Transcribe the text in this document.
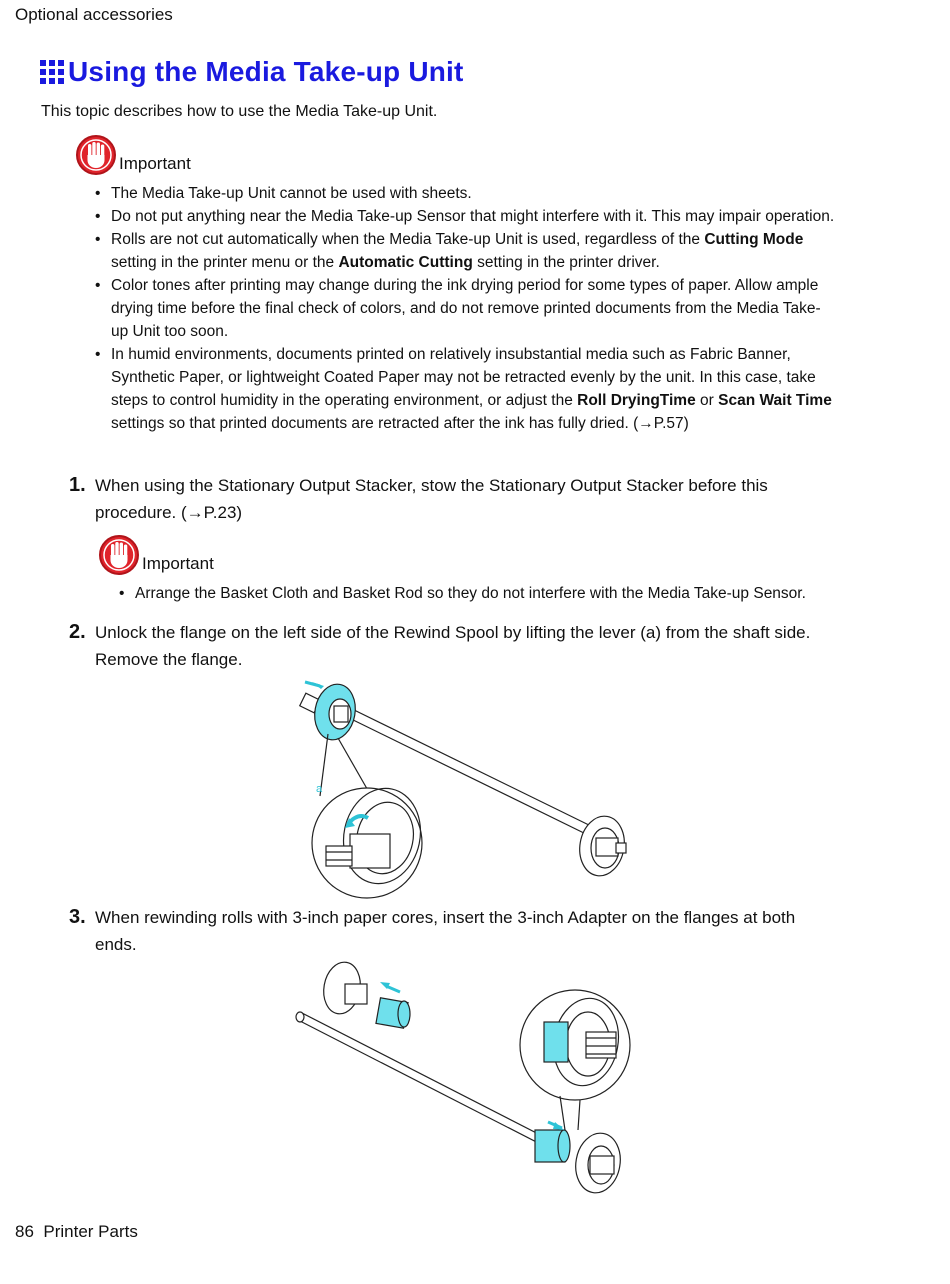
Optional accessories
Using the Media Take-up Unit
This topic describes how to use the Media Take-up Unit.
Important
• The Media Take-up Unit cannot be used with sheets.
• Do not put anything near the Media Take-up Sensor that might interfere with it. This may impair operation.
• Rolls are not cut automatically when the Media Take-up Unit is used, regardless of the Cutting Mode setting in the printer menu or the Automatic Cutting setting in the printer driver.
• Color tones after printing may change during the ink drying period for some types of paper. Allow ample drying time before the final check of colors, and do not remove printed documents from the Media Take-up Unit too soon.
• In humid environments, documents printed on relatively insubstantial media such as Fabric Banner, Synthetic Paper, or lightweight Coated Paper may not be retracted evenly by the unit. In this case, take steps to control humidity in the operating environment, or adjust the Roll DryingTime or Scan Wait Time settings so that printed documents are retracted after the ink has fully dried. (→P.57)
1. When using the Stationary Output Stacker, stow the Stationary Output Stacker before this procedure. (→P.23)
Important
• Arrange the Basket Cloth and Basket Rod so they do not interfere with the Media Take-up Sensor.
2. Unlock the flange on the left side of the Rewind Spool by lifting the lever (a) from the shaft side. Remove the flange.
a
3. When rewinding rolls with 3-inch paper cores, insert the 3-inch Adapter on the flanges at both ends.
86 Printer Parts
